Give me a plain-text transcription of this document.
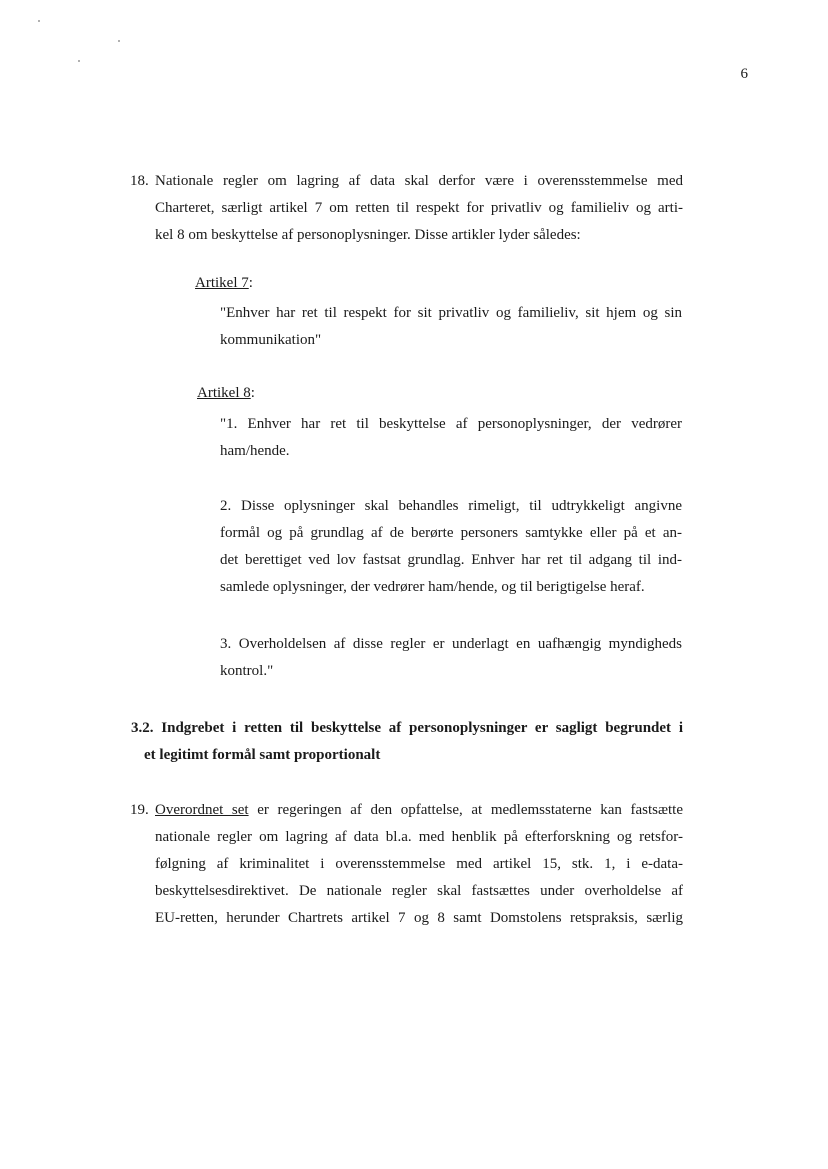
6
18. Nationale regler om lagring af data skal derfor være i overensstemmelse med
Charteret, særligt artikel 7 om retten til respekt for privatliv og familieliv og arti-
kel 8 om beskyttelse af personoplysninger. Disse artikler lyder således:
Artikel 7:
"Enhver har ret til respekt for sit privatliv og familieliv, sit hjem og sin
kommunikation"
Artikel 8:
"1. Enhver har ret til beskyttelse af personoplysninger, der vedrører
ham/hende.
2. Disse oplysninger skal behandles rimeligt, til udtrykkeligt angivne
formål og på grundlag af de berørte personers samtykke eller på et an-
det berettiget ved lov fastsat grundlag. Enhver har ret til adgang til ind-
samlede oplysninger, der vedrører ham/hende, og til berigtigelse heraf.
3. Overholdelsen af disse regler er underlagt en uafhængig myndigheds
kontrol."
3.2. Indgrebet i retten til beskyttelse af personoplysninger er sagligt begrundet i
et legitimt formål samt proportionalt
19. Overordnet set er regeringen af den opfattelse, at medlemsstaterne kan fastsætte
nationale regler om lagring af data bl.a. med henblik på efterforskning og retsfor-
følgning af kriminalitet i overensstemmelse med artikel 15, stk. 1, i e-data-
beskyttelsesdirektivet. De nationale regler skal fastsættes under overholdelse af
EU-retten, herunder Chartrets artikel 7 og 8 samt Domstolens retspraksis, særlig
